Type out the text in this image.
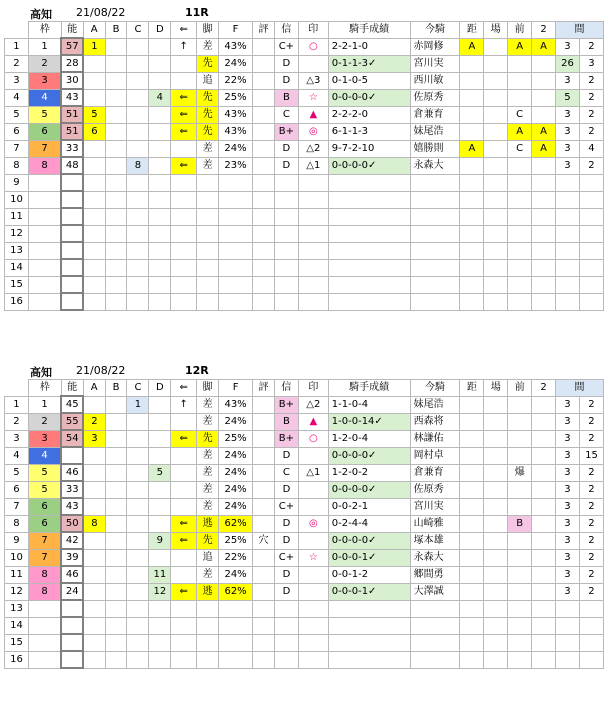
高知 21/08/22	11R
	枠	能	A	B	C	D	⇐	脚	F	評	信	印	騎手成績	今騎	距	場	前	2	間	
1	1	57	1				↑	差	43%		C+	○	2-2-1-0	赤岡修	A		A	A	3	2
2	2	28						先	24%		D		0-1-1-3✓	宮川実					26	3
3	3	30						追	22%		D	△3	0-1-0-5	西川敏					3	2
4	4	43				4	⇐	先	25%		B	☆	0-0-0-0✓	佐原秀					5	2
5	5	51	5				⇐	先	43%		C	▲	2-2-2-0	倉兼育			C		3	2
6	6	51	6				⇐	先	43%		B+	◎	6-1-1-3	妹尾浩			A	A	3	2
7	7	33						差	24%		D	△2	9-7-2-10	嬉勝則	A		C	A	3	4
8	8	48			8		⇐	差	23%		D	△1	0-0-0-0✓	永森大					3	2
9																				
10																				
11																				
12																				
13																				
14																				
15																				
16																				
高知 21/08/22	12R
	枠	能	A	B	C	D	⇐	脚	F	評	信	印	騎手成績	今騎	距	場	前	2	間	
1	1	45			1		↑	差	43%		B+	△2	1-1-0-4	妹尾浩					3	2
2	2	55	2					差	24%		B	▲	1-0-0-14✓	西森将					3	2
3	3	54	3				⇐	先	25%		B+	○	1-2-0-4	林謙佑					3	2
4	4							差	24%		D		0-0-0-0✓	岡村卓					3	15
5	5	46				5		差	24%		C	△1	1-2-0-2	倉兼育			爆		3	2
6	5	33						差	24%		D		0-0-0-0✓	佐原秀					3	2
7	6	43						差	24%		C+		0-0-2-1	宮川実					3	2
8	6	50	8				⇐	逃	62%		D	◎	0-2-4-4	山崎雅			B		3	2
9	7	42				9	⇐	先	25%	穴	D		0-0-0-0✓	塚本雄					3	2
10	7	39						追	22%		C+	☆	0-0-0-1✓	永森大					3	2
11	8	46				11		差	24%		D		0-0-1-2	郷間勇					3	2
12	8	24				12	⇐	逃	62%		D		0-0-0-1✓	大澤誠					3	2
13																				
14																				
15																				
16																				
